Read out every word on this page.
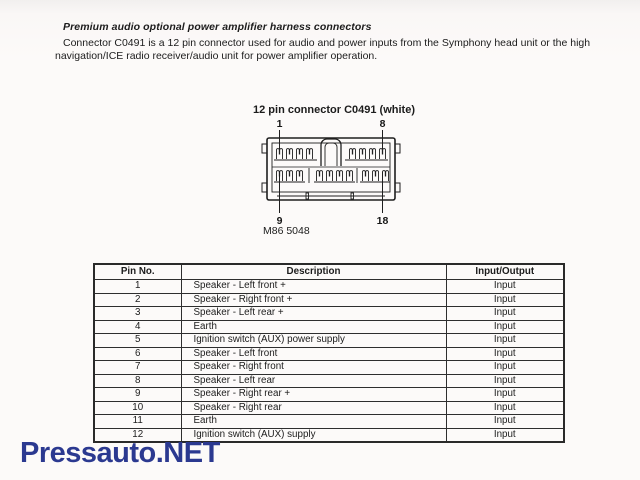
Premium audio optional power amplifier harness connectors
Connector C0491 is a 12 pin connector used for audio and power inputs from the Symphony head unit or the high
navigation/ICE radio receiver/audio unit for power amplifier operation.
12 pin connector C0491 (white)
1	8
9	18
M86 5048
Pin No.	Description	Input/Output
1	Speaker - Left front +	Input
2	Speaker - Right front +	Input
3	Speaker - Left rear +	Input
4	Earth	Input
5	Ignition switch (AUX) power supply	Input
6	Speaker - Left front	Input
7	Speaker - Right front	Input
8	Speaker - Left rear	Input
9	Speaker - Right rear +	Input
10	Speaker - Right rear	Input
11	Earth	Input
12	Ignition switch (AUX) supply	Input
Pressauto.NET
